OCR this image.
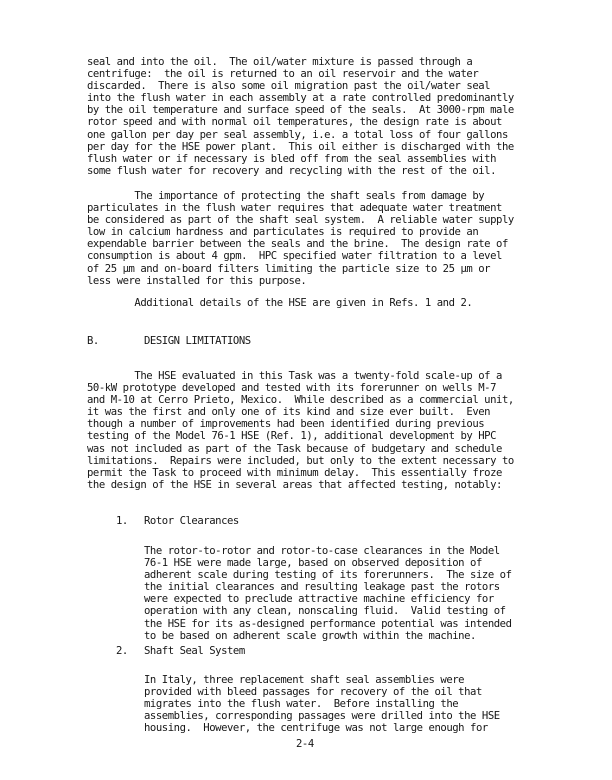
seal and into the oil.  The oil/water mixture is passed through a
centrifuge:  the oil is returned to an oil reservoir and the water
discarded.  There is also some oil migration past the oil/water seal
into the flush water in each assembly at a rate controlled predominantly
by the oil temperature and surface speed of the seals.  At 3000-rpm male
rotor speed and with normal oil temperatures, the design rate is about
one gallon per day per seal assembly, i.e. a total loss of four gallons
per day for the HSE power plant.  This oil either is discharged with the
flush water or if necessary is bled off from the seal assemblies with
some flush water for recovery and recycling with the rest of the oil.

The importance of protecting the shaft seals from damage by
particulates in the flush water requires that adequate water treatment
be considered as part of the shaft seal system.  A reliable water supply
low in calcium hardness and particulates is required to provide an
expendable barrier between the seals and the brine.  The design rate of
consumption is about 4 gpm.  HPC specified water filtration to a level
of 25 μm and on-board filters limiting the particle size to 25 μm or
less were installed for this purpose.

Additional details of the HSE are given in Refs. 1 and 2.

B.	DESIGN LIMITATIONS

The HSE evaluated in this Task was a twenty-fold scale-up of a
50-kW prototype developed and tested with its forerunner on wells M-7
and M-10 at Cerro Prieto, Mexico.  While described as a commercial unit,
it was the first and only one of its kind and size ever built.  Even
though a number of improvements had been identified during previous
testing of the Model 76-1 HSE (Ref. 1), additional development by HPC
was not included as part of the Task because of budgetary and schedule
limitations.  Repairs were included, but only to the extent necessary to
permit the Task to proceed with minimum delay.  This essentially froze
the design of the HSE in several areas that affected testing, notably:

1. Rotor Clearances

The rotor-to-rotor and rotor-to-case clearances in the Model
76-1 HSE were made large, based on observed deposition of
adherent scale during testing of its forerunners.  The size of
the initial clearances and resulting leakage past the rotors
were expected to preclude attractive machine efficiency for
operation with any clean, nonscaling fluid.  Valid testing of
the HSE for its as-designed performance potential was intended
to be based on adherent scale growth within the machine.

2. Shaft Seal System

In Italy, three replacement shaft seal assemblies were
provided with bleed passages for recovery of the oil that
migrates into the flush water.  Before installing the
assemblies, corresponding passages were drilled into the HSE
housing.  However, the centrifuge was not large enough for

2-4
